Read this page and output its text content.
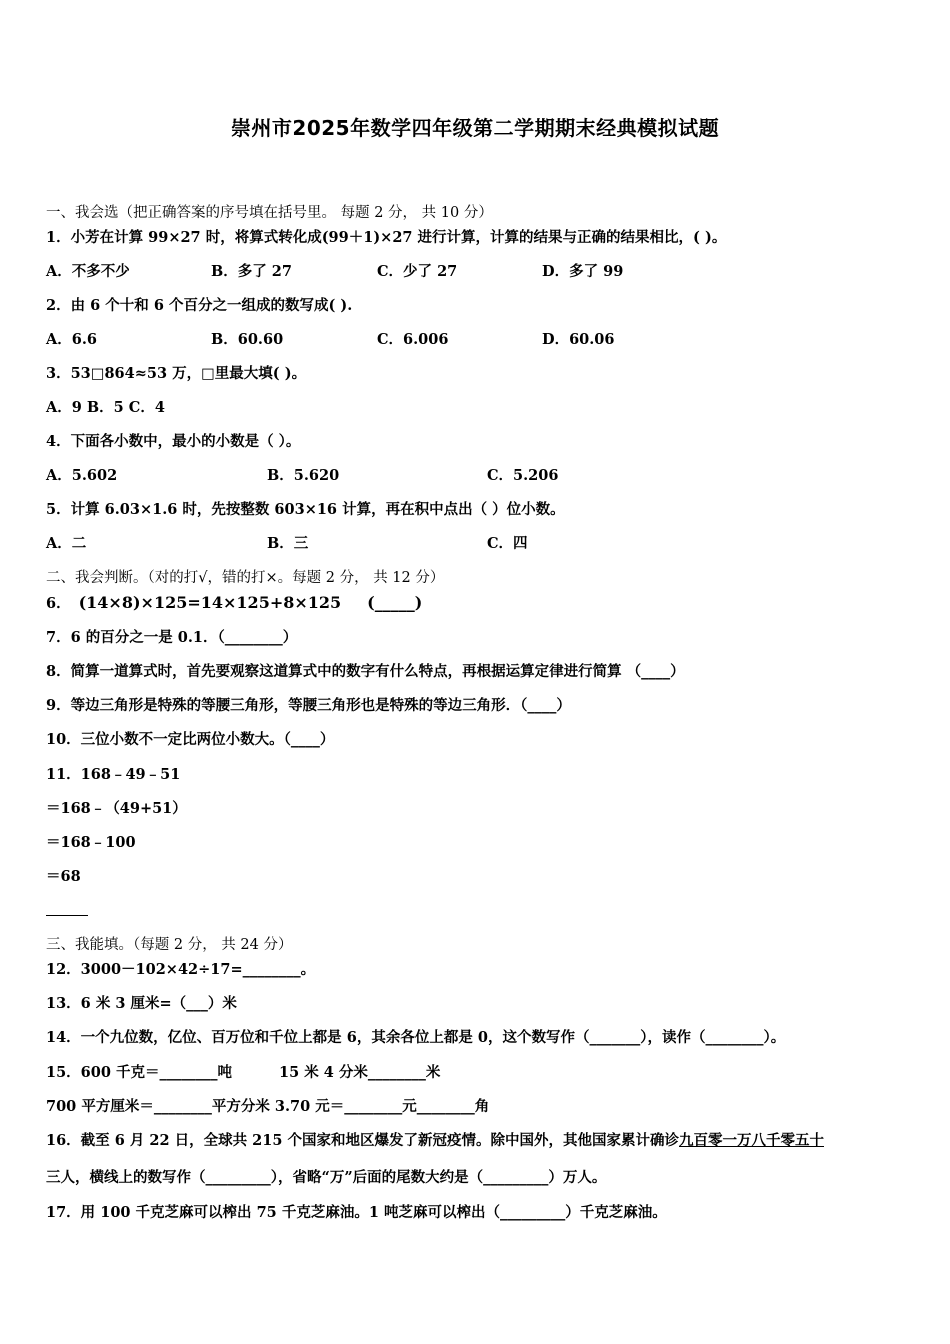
崇州市2025年数学四年级第二学期期末经典模拟试题
一、我会选（把正确答案的序号填在括号里。 每题 2 分， 共 10 分）
1．小芳在计算 99×27 时，将算式转化成(99＋1)×27 进行计算，计算的结果与正确的结果相比，( )。
A．不多不少	B．多了 27	C．少了 27	D．多了 99
2．由 6 个十和 6 个百分之一组成的数写成( ).
A．6.6	B．60.60	C．6.006	D．60.06
3．53□864≈53 万，□里最大填( )。
A．9 B．5 C．4
4．下面各小数中，最小的小数是（ ）。
A．5.602	B．5.620	C．5.206
5．计算 6.03×1.6 时，先按整数 603×16 计算，再在积中点出（ ）位小数。
A．二	B．三	C．四
二、我会判断。（对的打√，错的打×。每题 2 分， 共 12 分）
6． (14×8)×125=14×125+8×125 (_____)
7．6 的百分之一是 0.1．（________）
8．简算一道算式时，首先要观察这道算式中的数字有什么特点，再根据运算定律进行简算 （____）
9．等边三角形是特殊的等腰三角形，等腰三角形也是特殊的等边三角形．（____）
10．三位小数不一定比两位小数大。（____）
11．168﹣49﹣51
＝168﹣（49+51）
＝168﹣100
＝68
三、我能填。（每题 2 分， 共 24 分）
12．3000－102×42÷17=________。
13．6 米 3 厘米=（___）米
14．一个九位数，亿位、百万位和千位上都是 6，其余各位上都是 0，这个数写作（_______），读作（________）。
15．600 千克＝________吨	15 米 4 分米________米
700 平方厘米＝________平方分米 3.70 元＝________元________角
16．截至 6 月 22 日，全球共 215 个国家和地区爆发了新冠疫情。除中国外，其他国家累计确诊九百零一万八千零五十
三人，横线上的数写作（_________），省略“万”后面的尾数大约是（_________）万人。
17．用 100 千克芝麻可以榨出 75 千克芝麻油。1 吨芝麻可以榨出（_________）千克芝麻油。
